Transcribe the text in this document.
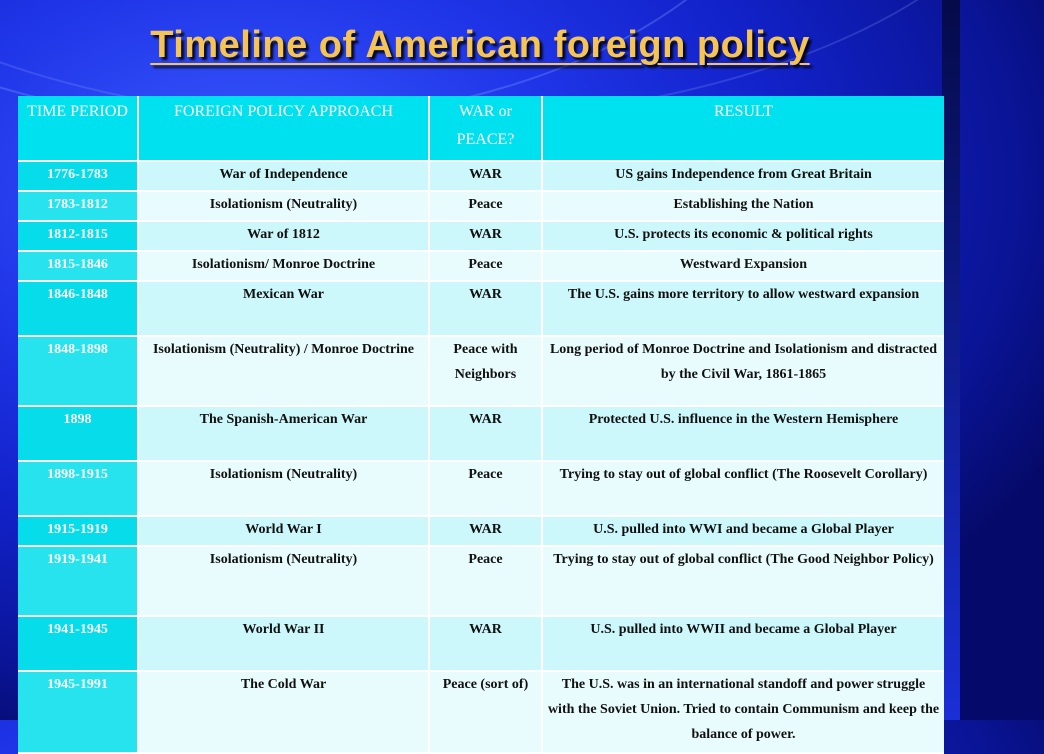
Timeline of American foreign policy
TIME PERIOD	FOREIGN POLICY APPROACH	WAR or PEACE?	RESULT
1776-1783	War of Independence	WAR	US gains Independence from Great Britain
1783-1812	Isolationism (Neutrality)	Peace	Establishing the Nation
1812-1815	War of 1812	WAR	U.S. protects its economic & political rights
1815-1846	Isolationism/ Monroe Doctrine	Peace	Westward Expansion
1846-1848	Mexican War	WAR	The U.S. gains more territory to allow westward expansion
1848-1898	Isolationism (Neutrality) / Monroe Doctrine	Peace with Neighbors	Long period of Monroe Doctrine and Isolationism and distracted by the Civil War, 1861-1865
1898	The Spanish-American War	WAR	Protected U.S. influence in the Western Hemisphere
1898-1915	Isolationism (Neutrality)	Peace	Trying to stay out of global conflict (The Roosevelt Corollary)
1915-1919	World War I	WAR	U.S. pulled into WWI and became a Global Player
1919-1941	Isolationism (Neutrality)	Peace	Trying to stay out of global conflict (The Good Neighbor Policy)
1941-1945	World War II	WAR	U.S. pulled into WWII and became a Global Player
1945-1991	The Cold War	Peace (sort of)	The U.S. was in an international standoff and power struggle with the Soviet Union. Tried to contain Communism and keep the balance of power.
